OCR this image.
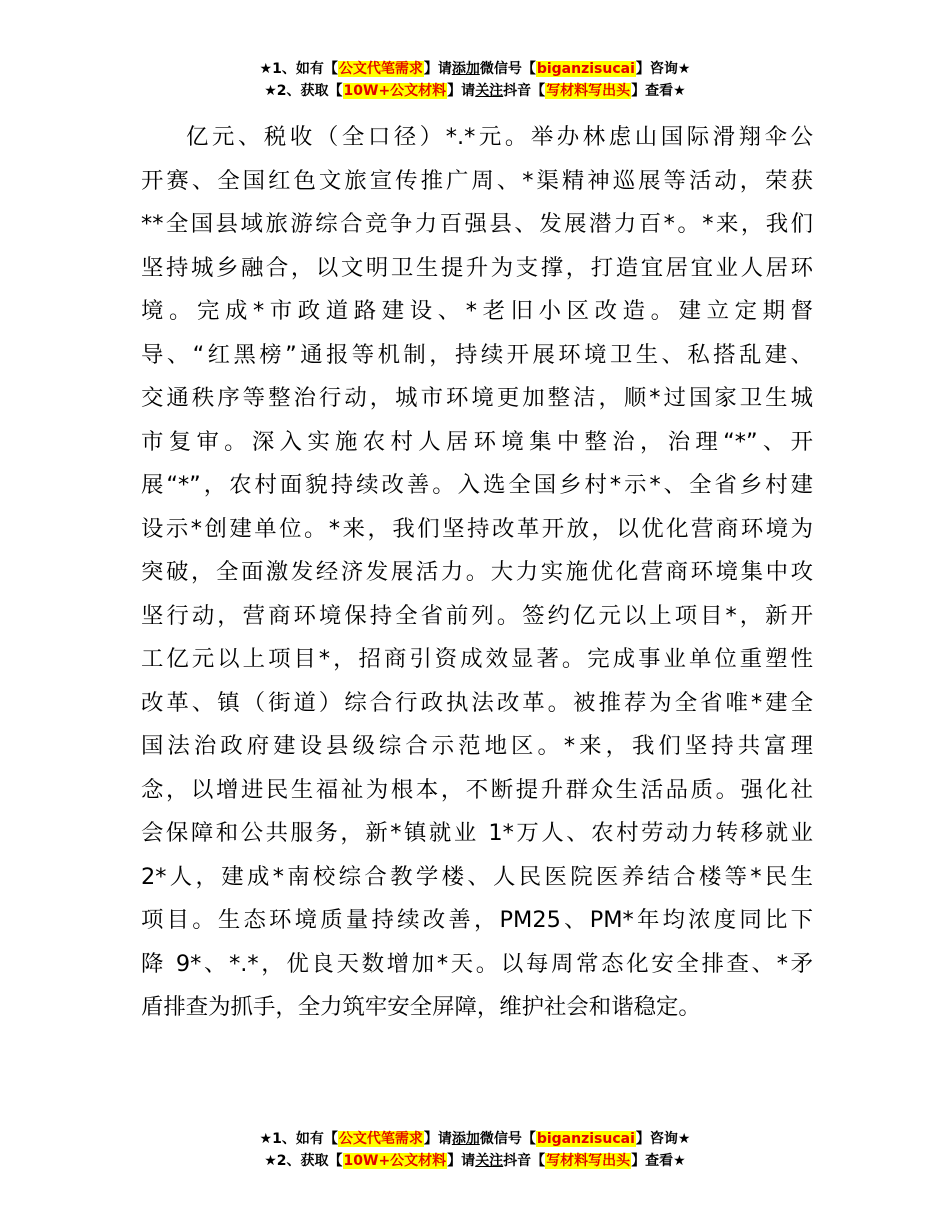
★1、如有【公文代笔需求】请添加微信号【biganzisucai】咨询★
★2、获取【10W+公文材料】请关注抖音【写材料写出头】查看★
亿元、税收（全口径）*.*元。举办林虑山国际滑翔伞公
开赛、全国红色文旅宣传推广周、*渠精神巡展等活动，荣获
**全国县域旅游综合竞争力百强县、发展潜力百*。*来，我们
坚持城乡融合，以文明卫生提升为支撑，打造宜居宜业人居环
境。完成*市政道路建设、*老旧小区改造。建立定期督
导、“红黑榜”通报等机制，持续开展环境卫生、私搭乱建、
交通秩序等整治行动，城市环境更加整洁，顺*过国家卫生城
市复审。深入实施农村人居环境集中整治，治理“*”、开
展“*”，农村面貌持续改善。入选全国乡村*示*、全省乡村建
设示*创建单位。*来，我们坚持改革开放，以优化营商环境为
突破，全面激发经济发展活力。大力实施优化营商环境集中攻
坚行动，营商环境保持全省前列。签约亿元以上项目*，新开
工亿元以上项目*，招商引资成效显著。完成事业单位重塑性
改革、镇（街道）综合行政执法改革。被推荐为全省唯*建全
国法治政府建设县级综合示范地区。*来，我们坚持共富理
念，以增进民生福祉为根本，不断提升群众生活品质。强化社
会保障和公共服务，新*镇就业 1*万人、农村劳动力转移就业
2*人，建成*南校综合教学楼、人民医院医养结合楼等*民生
项目。生态环境质量持续改善，PM25、PM*年均浓度同比下
降 9*、*.*，优良天数增加*天。以每周常态化安全排查、*矛
盾排查为抓手，全力筑牢安全屏障，维护社会和谐稳定。
★1、如有【公文代笔需求】请添加微信号【biganzisucai】咨询★
★2、获取【10W+公文材料】请关注抖音【写材料写出头】查看★
